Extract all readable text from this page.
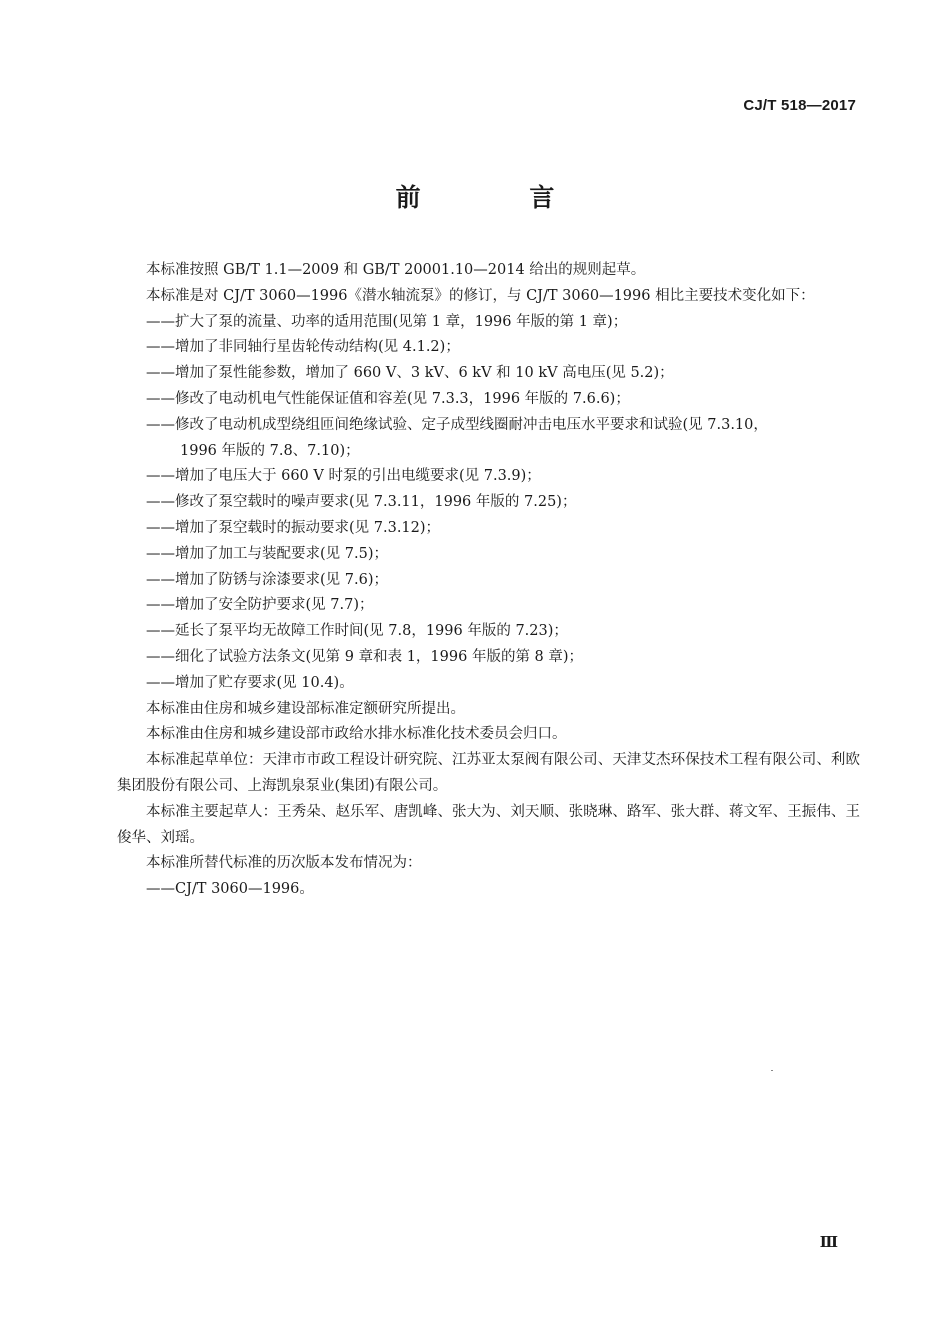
CJ/T 518—2017
前 言

本标准按照 GB/T 1.1—2009 和 GB/T 20001.10—2014 给出的规则起草。

本标准是对 CJ/T 3060—1996《潜水轴流泵》的修订，与 CJ/T 3060—1996 相比主要技术变化如下：

——扩大了泵的流量、功率的适用范围(见第 1 章，1996 年版的第 1 章)；

——增加了非同轴行星齿轮传动结构(见 4.1.2)；

——增加了泵性能参数，增加了 660 V、3 kV、6 kV 和 10 kV 高电压(见 5.2)；

——修改了电动机电气性能保证值和容差(见 7.3.3，1996 年版的 7.6.6)；

——修改了电动机成型绕组匝间绝缘试验、定子成型线圈耐冲击电压水平要求和试验(见 7.3.10，
1996 年版的 7.8、7.10)；

——增加了电压大于 660 V 时泵的引出电缆要求(见 7.3.9)；

——修改了泵空载时的噪声要求(见 7.3.11，1996 年版的 7.25)；

——增加了泵空载时的振动要求(见 7.3.12)；

——增加了加工与装配要求(见 7.5)；

——增加了防锈与涂漆要求(见 7.6)；

——增加了安全防护要求(见 7.7)；

——延长了泵平均无故障工作时间(见 7.8，1996 年版的 7.23)；

——细化了试验方法条文(见第 9 章和表 1，1996 年版的第 8 章)；

——增加了贮存要求(见 10.4)。

本标准由住房和城乡建设部标准定额研究所提出。

本标准由住房和城乡建设部市政给水排水标准化技术委员会归口。

本标准起草单位：天津市市政工程设计研究院、江苏亚太泵阀有限公司、天津艾杰环保技术工程有限公司、利欧集团股份有限公司、上海凯泉泵业(集团)有限公司。

本标准主要起草人：王秀朵、赵乐军、唐凯峰、张大为、刘天顺、张晓琳、路军、张大群、蒋文军、王振伟、王俊华、刘瑶。

本标准所替代标准的历次版本发布情况为：

——CJ/T 3060—1996。

Ⅲ
